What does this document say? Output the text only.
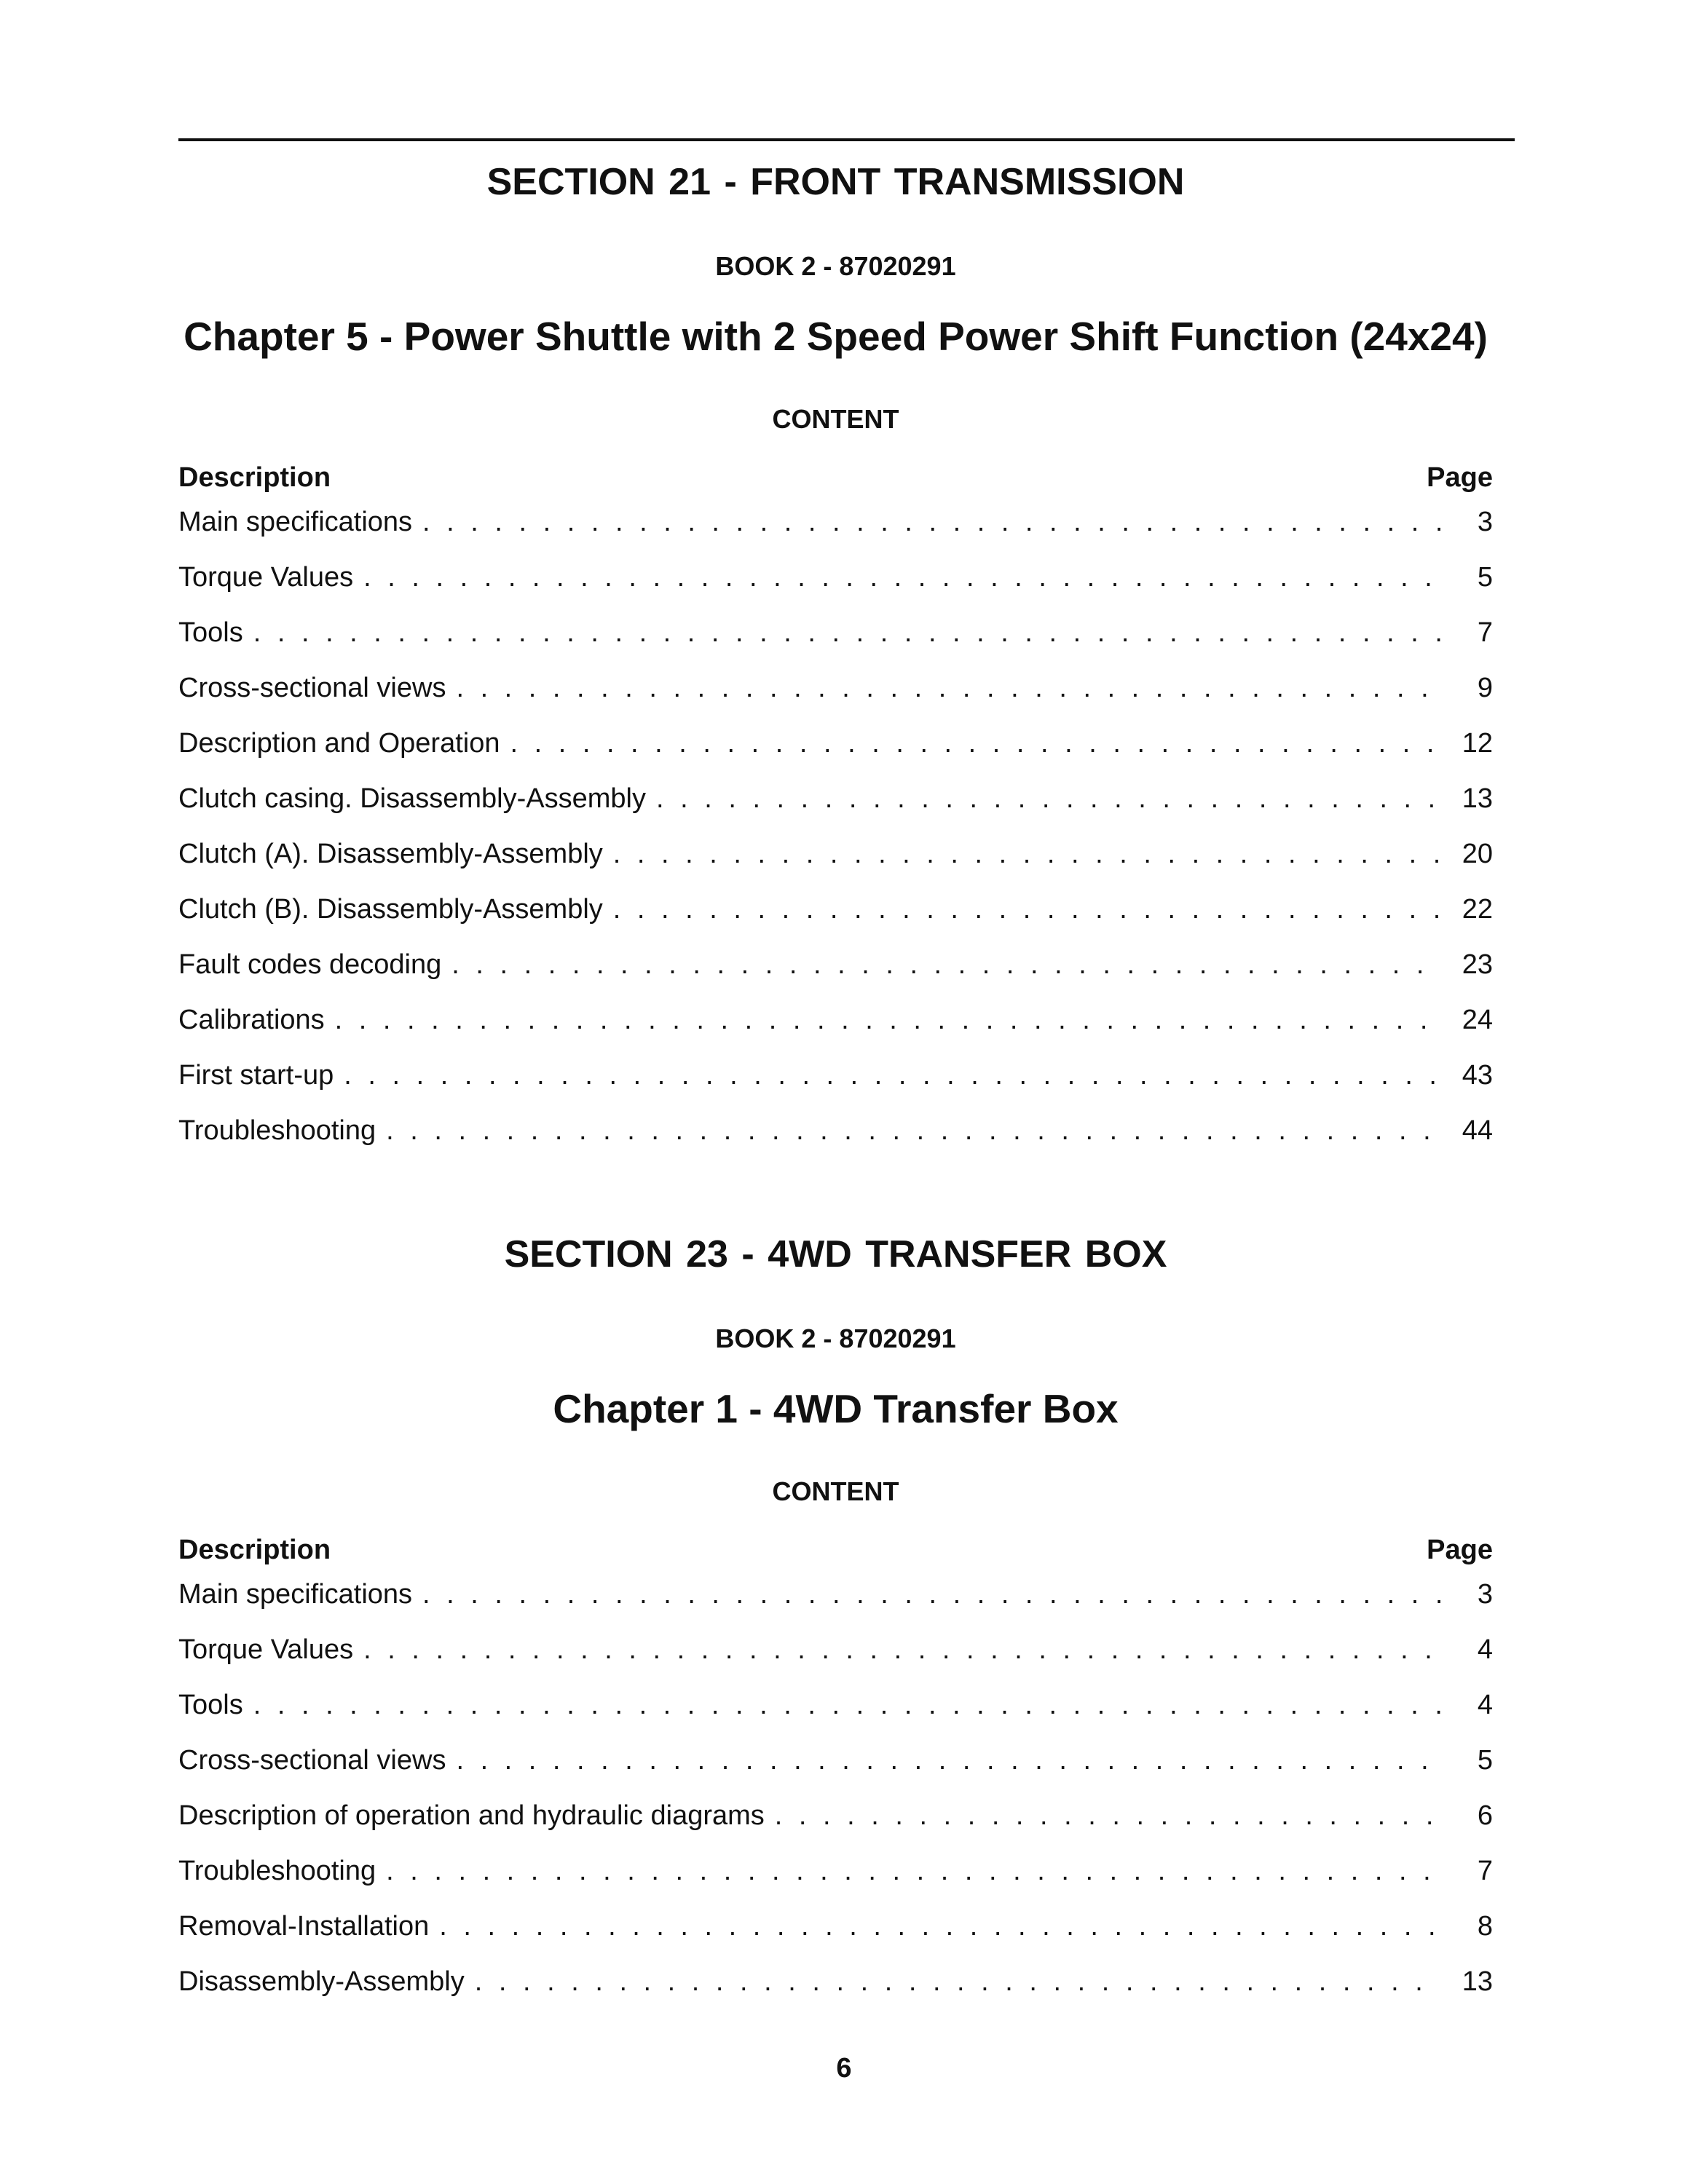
SECTION 21 - FRONT TRANSMISSION
BOOK 2 - 87020291
Chapter 5 - Power Shuttle with 2 Speed Power Shift Function (24x24)
CONTENT
Description	Page
Main specifications . . .	3
Torque Values . . .	5
Tools . . .	7
Cross-sectional views . . .	9
Description and Operation . . .	12
Clutch casing. Disassembly-Assembly . . .	13
Clutch (A). Disassembly-Assembly . . .	20
Clutch (B). Disassembly-Assembly . . .	22
Fault codes decoding . . .	23
Calibrations . . .	24
First start-up . . .	43
Troubleshooting . . .	44
SECTION 23 - 4WD TRANSFER BOX
BOOK 2 - 87020291
Chapter 1 - 4WD Transfer Box
CONTENT
Description	Page
Main specifications . . .	3
Torque Values . . .	4
Tools . . .	4
Cross-sectional views . . .	5
Description of operation and hydraulic diagrams . . .	6
Troubleshooting . . .	7
Removal-Installation . . .	8
Disassembly-Assembly . . .	13
6
